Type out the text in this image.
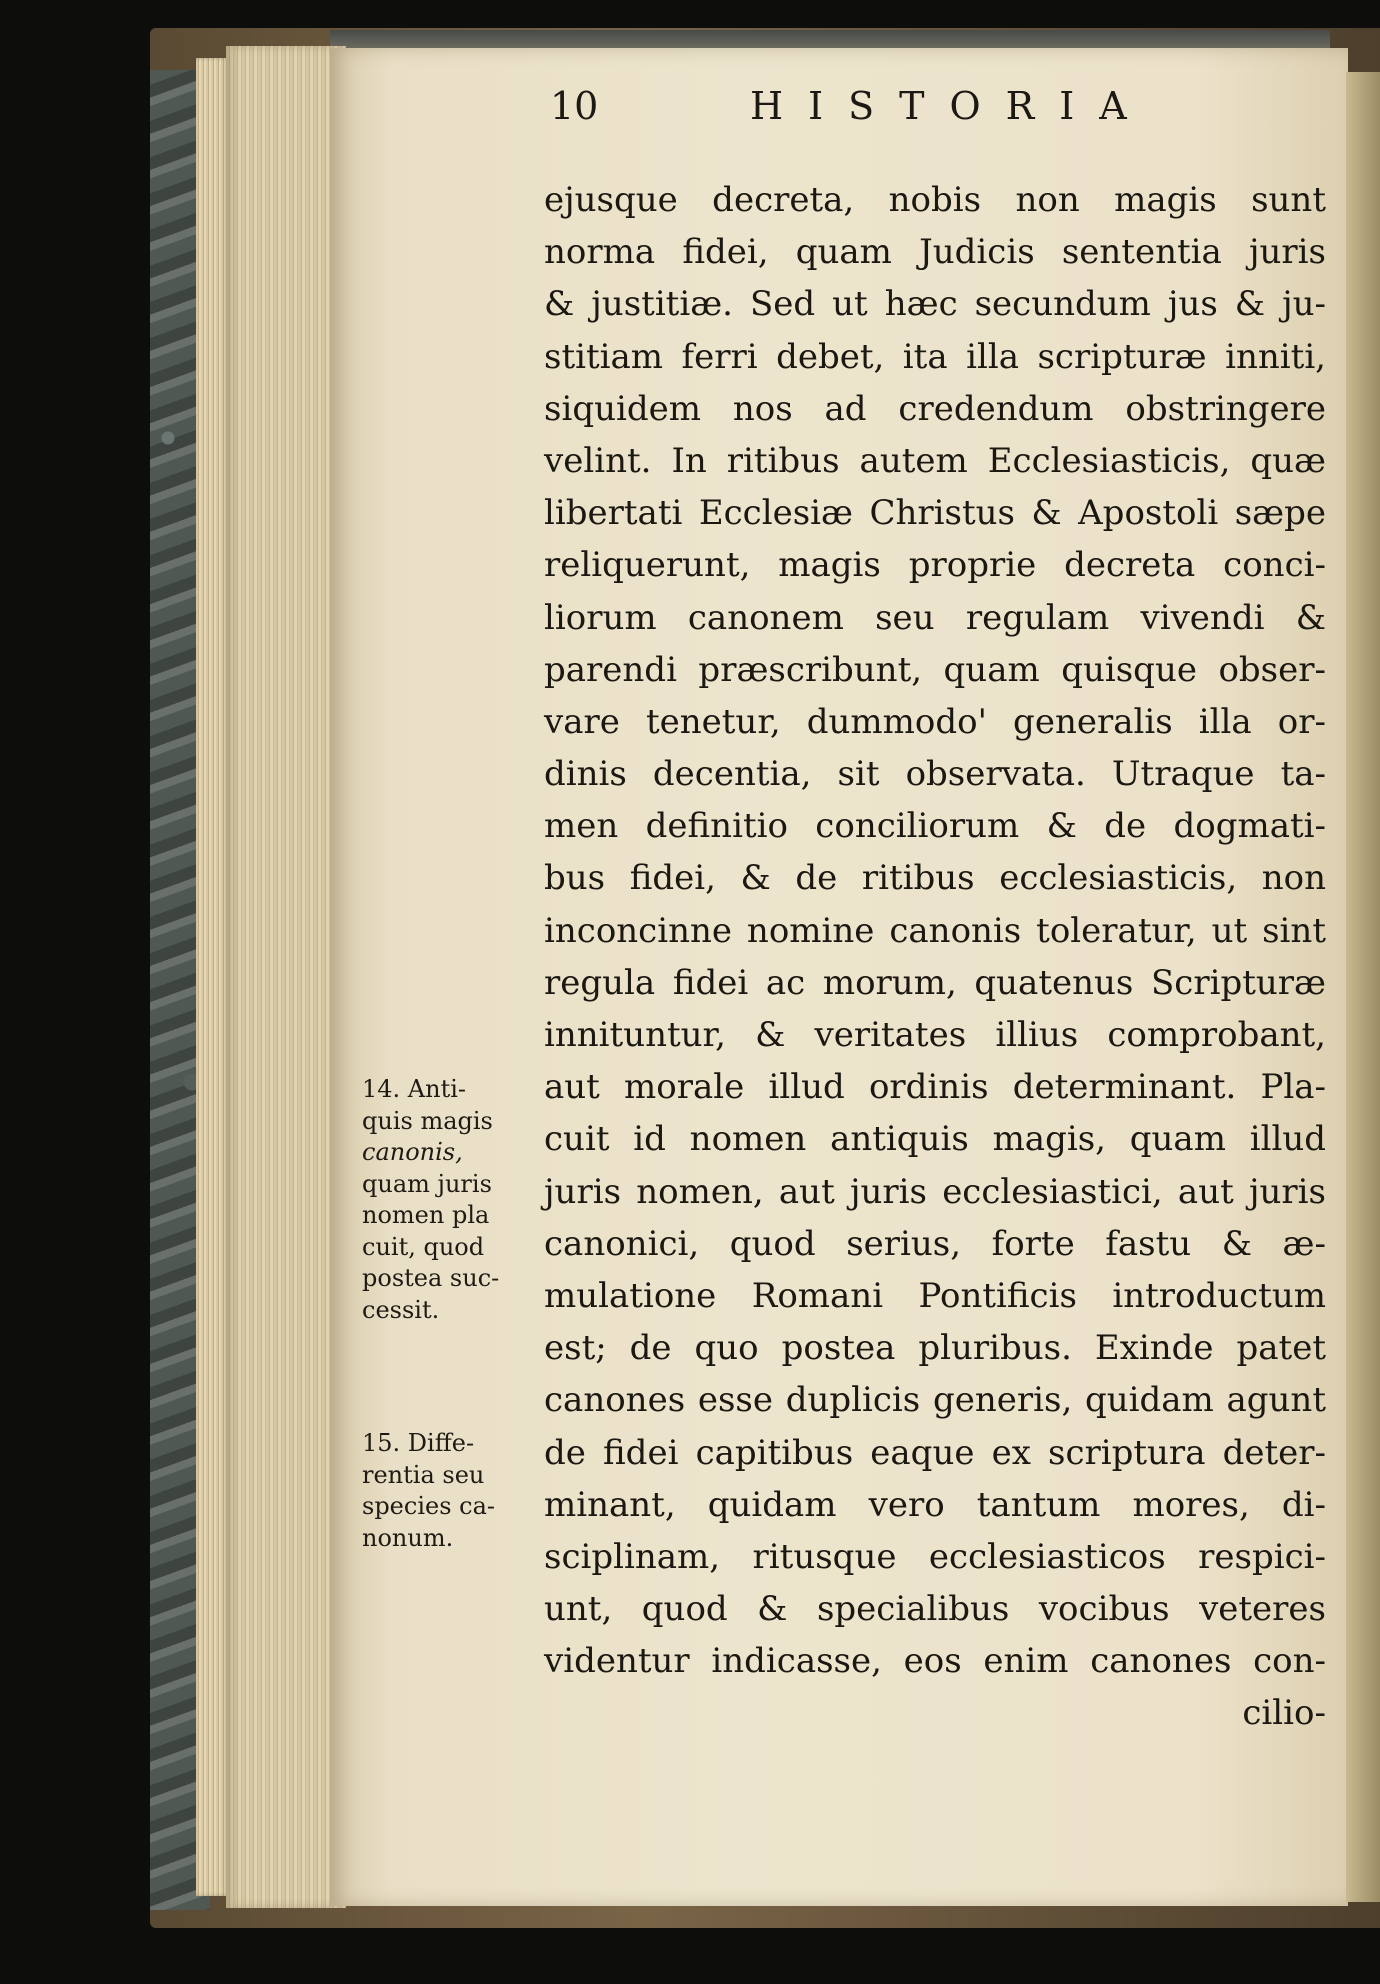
10	HISTORIA
ejusque decreta, nobis non magis sunt
norma fidei, quam Judicis sententia juris
& justitiæ. Sed ut hæc secundum jus & ju-
stitiam ferri debet, ita illa scripturæ inniti,
siquidem nos ad credendum obstringere
velint. In ritibus autem Ecclesiasticis, quæ
libertati Ecclesiæ Christus & Apostoli sæpe
reliquerunt, magis proprie decreta conci-
liorum canonem seu regulam vivendi &
parendi præscribunt, quam quisque obser-
vare tenetur, dummodo' generalis illa or-
dinis decentia, sit observata. Utraque ta-
men definitio conciliorum & de dogmati-
bus fidei, & de ritibus ecclesiasticis, non
inconcinne nomine canonis toleratur, ut sint
regula fidei ac morum, quatenus Scripturæ
innituntur, & veritates illius comprobant,
aut morale illud ordinis determinant. Pla-
cuit id nomen antiquis magis, quam illud
juris nomen, aut juris ecclesiastici, aut juris
canonici, quod serius, forte fastu & æ-
mulatione Romani Pontificis introductum
est; de quo postea pluribus. Exinde patet
canones esse duplicis generis, quidam agunt
de fidei capitibus eaque ex scriptura deter-
minant, quidam vero tantum mores, di-
sciplinam, ritusque ecclesiasticos respici-
unt, quod & specialibus vocibus veteres
videntur indicasse, eos enim canones con-
cilio-
14. Anti-
quis magis
canonis,
quam juris
nomen pla
cuit, quod
postea suc-
cessit.
15. Diffe-
rentia seu
species ca-
nonum.
